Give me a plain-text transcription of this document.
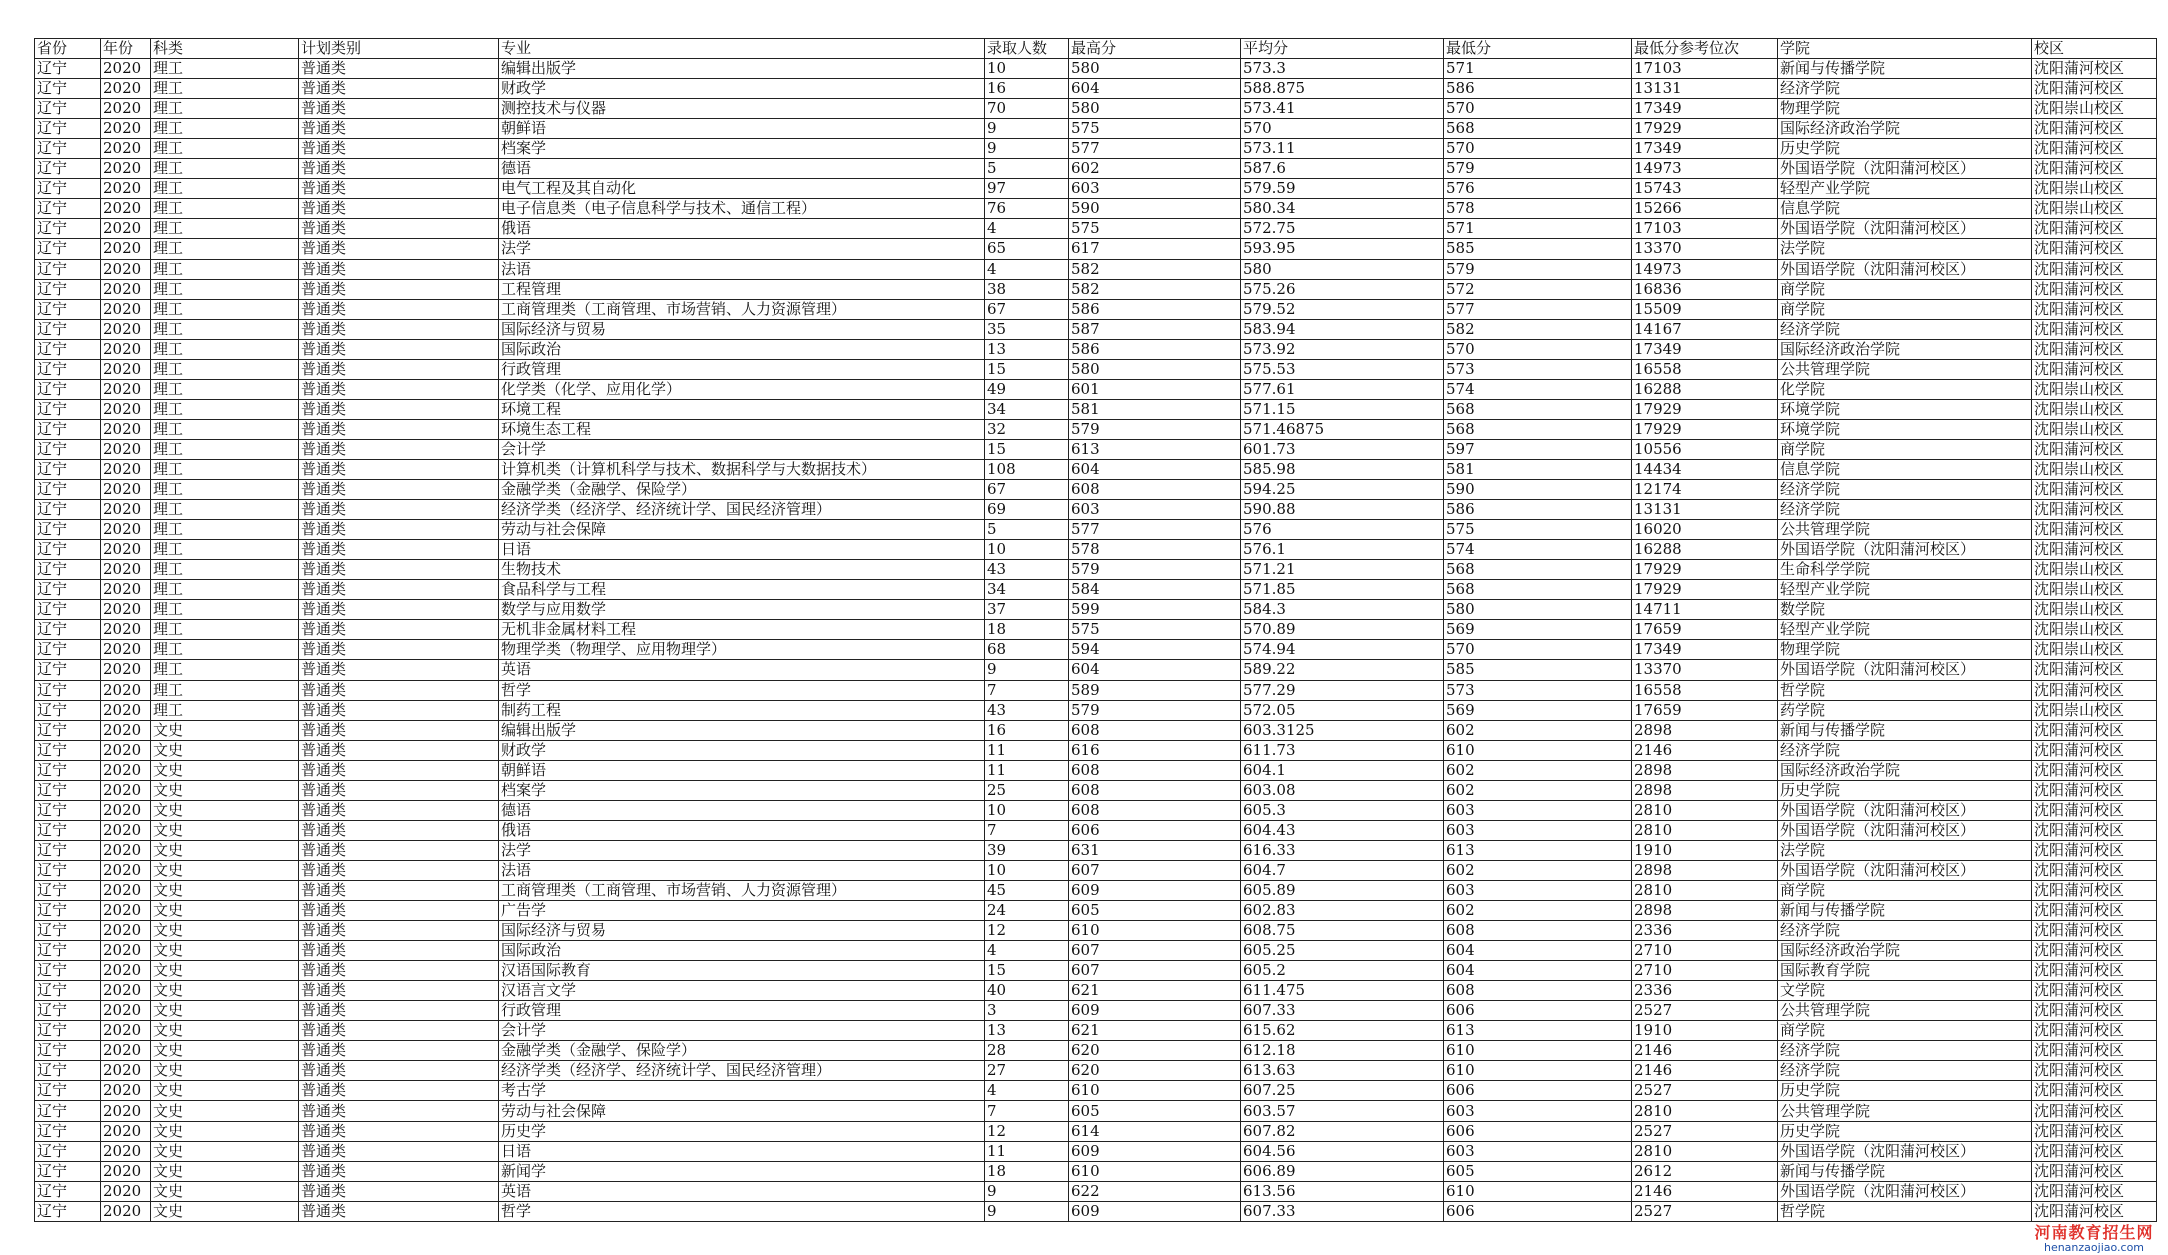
省份	年份	科类	计划类别	专业	录取人数	最高分	平均分	最低分	最低分参考位次	学院	校区
辽宁	2020	理工	普通类	编辑出版学	10	580	573.3	571	17103	新闻与传播学院	沈阳蒲河校区
辽宁	2020	理工	普通类	财政学	16	604	588.875	586	13131	经济学院	沈阳蒲河校区
辽宁	2020	理工	普通类	测控技术与仪器	70	580	573.41	570	17349	物理学院	沈阳崇山校区
辽宁	2020	理工	普通类	朝鲜语	9	575	570	568	17929	国际经济政治学院	沈阳蒲河校区
辽宁	2020	理工	普通类	档案学	9	577	573.11	570	17349	历史学院	沈阳蒲河校区
辽宁	2020	理工	普通类	德语	5	602	587.6	579	14973	外国语学院（沈阳蒲河校区）	沈阳蒲河校区
辽宁	2020	理工	普通类	电气工程及其自动化	97	603	579.59	576	15743	轻型产业学院	沈阳崇山校区
辽宁	2020	理工	普通类	电子信息类（电子信息科学与技术、通信工程）	76	590	580.34	578	15266	信息学院	沈阳崇山校区
辽宁	2020	理工	普通类	俄语	4	575	572.75	571	17103	外国语学院（沈阳蒲河校区）	沈阳蒲河校区
辽宁	2020	理工	普通类	法学	65	617	593.95	585	13370	法学院	沈阳蒲河校区
辽宁	2020	理工	普通类	法语	4	582	580	579	14973	外国语学院（沈阳蒲河校区）	沈阳蒲河校区
辽宁	2020	理工	普通类	工程管理	38	582	575.26	572	16836	商学院	沈阳蒲河校区
辽宁	2020	理工	普通类	工商管理类（工商管理、市场营销、人力资源管理）	67	586	579.52	577	15509	商学院	沈阳蒲河校区
辽宁	2020	理工	普通类	国际经济与贸易	35	587	583.94	582	14167	经济学院	沈阳蒲河校区
辽宁	2020	理工	普通类	国际政治	13	586	573.92	570	17349	国际经济政治学院	沈阳蒲河校区
辽宁	2020	理工	普通类	行政管理	15	580	575.53	573	16558	公共管理学院	沈阳蒲河校区
辽宁	2020	理工	普通类	化学类（化学、应用化学）	49	601	577.61	574	16288	化学院	沈阳崇山校区
辽宁	2020	理工	普通类	环境工程	34	581	571.15	568	17929	环境学院	沈阳崇山校区
辽宁	2020	理工	普通类	环境生态工程	32	579	571.46875	568	17929	环境学院	沈阳崇山校区
辽宁	2020	理工	普通类	会计学	15	613	601.73	597	10556	商学院	沈阳蒲河校区
辽宁	2020	理工	普通类	计算机类（计算机科学与技术、数据科学与大数据技术）	108	604	585.98	581	14434	信息学院	沈阳崇山校区
辽宁	2020	理工	普通类	金融学类（金融学、保险学）	67	608	594.25	590	12174	经济学院	沈阳蒲河校区
辽宁	2020	理工	普通类	经济学类（经济学、经济统计学、国民经济管理）	69	603	590.88	586	13131	经济学院	沈阳蒲河校区
辽宁	2020	理工	普通类	劳动与社会保障	5	577	576	575	16020	公共管理学院	沈阳蒲河校区
辽宁	2020	理工	普通类	日语	10	578	576.1	574	16288	外国语学院（沈阳蒲河校区）	沈阳蒲河校区
辽宁	2020	理工	普通类	生物技术	43	579	571.21	568	17929	生命科学学院	沈阳崇山校区
辽宁	2020	理工	普通类	食品科学与工程	34	584	571.85	568	17929	轻型产业学院	沈阳崇山校区
辽宁	2020	理工	普通类	数学与应用数学	37	599	584.3	580	14711	数学院	沈阳崇山校区
辽宁	2020	理工	普通类	无机非金属材料工程	18	575	570.89	569	17659	轻型产业学院	沈阳崇山校区
辽宁	2020	理工	普通类	物理学类（物理学、应用物理学）	68	594	574.94	570	17349	物理学院	沈阳崇山校区
辽宁	2020	理工	普通类	英语	9	604	589.22	585	13370	外国语学院（沈阳蒲河校区）	沈阳蒲河校区
辽宁	2020	理工	普通类	哲学	7	589	577.29	573	16558	哲学院	沈阳蒲河校区
辽宁	2020	理工	普通类	制药工程	43	579	572.05	569	17659	药学院	沈阳崇山校区
辽宁	2020	文史	普通类	编辑出版学	16	608	603.3125	602	2898	新闻与传播学院	沈阳蒲河校区
辽宁	2020	文史	普通类	财政学	11	616	611.73	610	2146	经济学院	沈阳蒲河校区
辽宁	2020	文史	普通类	朝鲜语	11	608	604.1	602	2898	国际经济政治学院	沈阳蒲河校区
辽宁	2020	文史	普通类	档案学	25	608	603.08	602	2898	历史学院	沈阳蒲河校区
辽宁	2020	文史	普通类	德语	10	608	605.3	603	2810	外国语学院（沈阳蒲河校区）	沈阳蒲河校区
辽宁	2020	文史	普通类	俄语	7	606	604.43	603	2810	外国语学院（沈阳蒲河校区）	沈阳蒲河校区
辽宁	2020	文史	普通类	法学	39	631	616.33	613	1910	法学院	沈阳蒲河校区
辽宁	2020	文史	普通类	法语	10	607	604.7	602	2898	外国语学院（沈阳蒲河校区）	沈阳蒲河校区
辽宁	2020	文史	普通类	工商管理类（工商管理、市场营销、人力资源管理）	45	609	605.89	603	2810	商学院	沈阳蒲河校区
辽宁	2020	文史	普通类	广告学	24	605	602.83	602	2898	新闻与传播学院	沈阳蒲河校区
辽宁	2020	文史	普通类	国际经济与贸易	12	610	608.75	608	2336	经济学院	沈阳蒲河校区
辽宁	2020	文史	普通类	国际政治	4	607	605.25	604	2710	国际经济政治学院	沈阳蒲河校区
辽宁	2020	文史	普通类	汉语国际教育	15	607	605.2	604	2710	国际教育学院	沈阳蒲河校区
辽宁	2020	文史	普通类	汉语言文学	40	621	611.475	608	2336	文学院	沈阳蒲河校区
辽宁	2020	文史	普通类	行政管理	3	609	607.33	606	2527	公共管理学院	沈阳蒲河校区
辽宁	2020	文史	普通类	会计学	13	621	615.62	613	1910	商学院	沈阳蒲河校区
辽宁	2020	文史	普通类	金融学类（金融学、保险学）	28	620	612.18	610	2146	经济学院	沈阳蒲河校区
辽宁	2020	文史	普通类	经济学类（经济学、经济统计学、国民经济管理）	27	620	613.63	610	2146	经济学院	沈阳蒲河校区
辽宁	2020	文史	普通类	考古学	4	610	607.25	606	2527	历史学院	沈阳蒲河校区
辽宁	2020	文史	普通类	劳动与社会保障	7	605	603.57	603	2810	公共管理学院	沈阳蒲河校区
辽宁	2020	文史	普通类	历史学	12	614	607.82	606	2527	历史学院	沈阳蒲河校区
辽宁	2020	文史	普通类	日语	11	609	604.56	603	2810	外国语学院（沈阳蒲河校区）	沈阳蒲河校区
辽宁	2020	文史	普通类	新闻学	18	610	606.89	605	2612	新闻与传播学院	沈阳蒲河校区
辽宁	2020	文史	普通类	英语	9	622	613.56	610	2146	外国语学院（沈阳蒲河校区）	沈阳蒲河校区
辽宁	2020	文史	普通类	哲学	9	609	607.33	606	2527	哲学院	沈阳蒲河校区
河南教育招生网
henanzaojiao.com
